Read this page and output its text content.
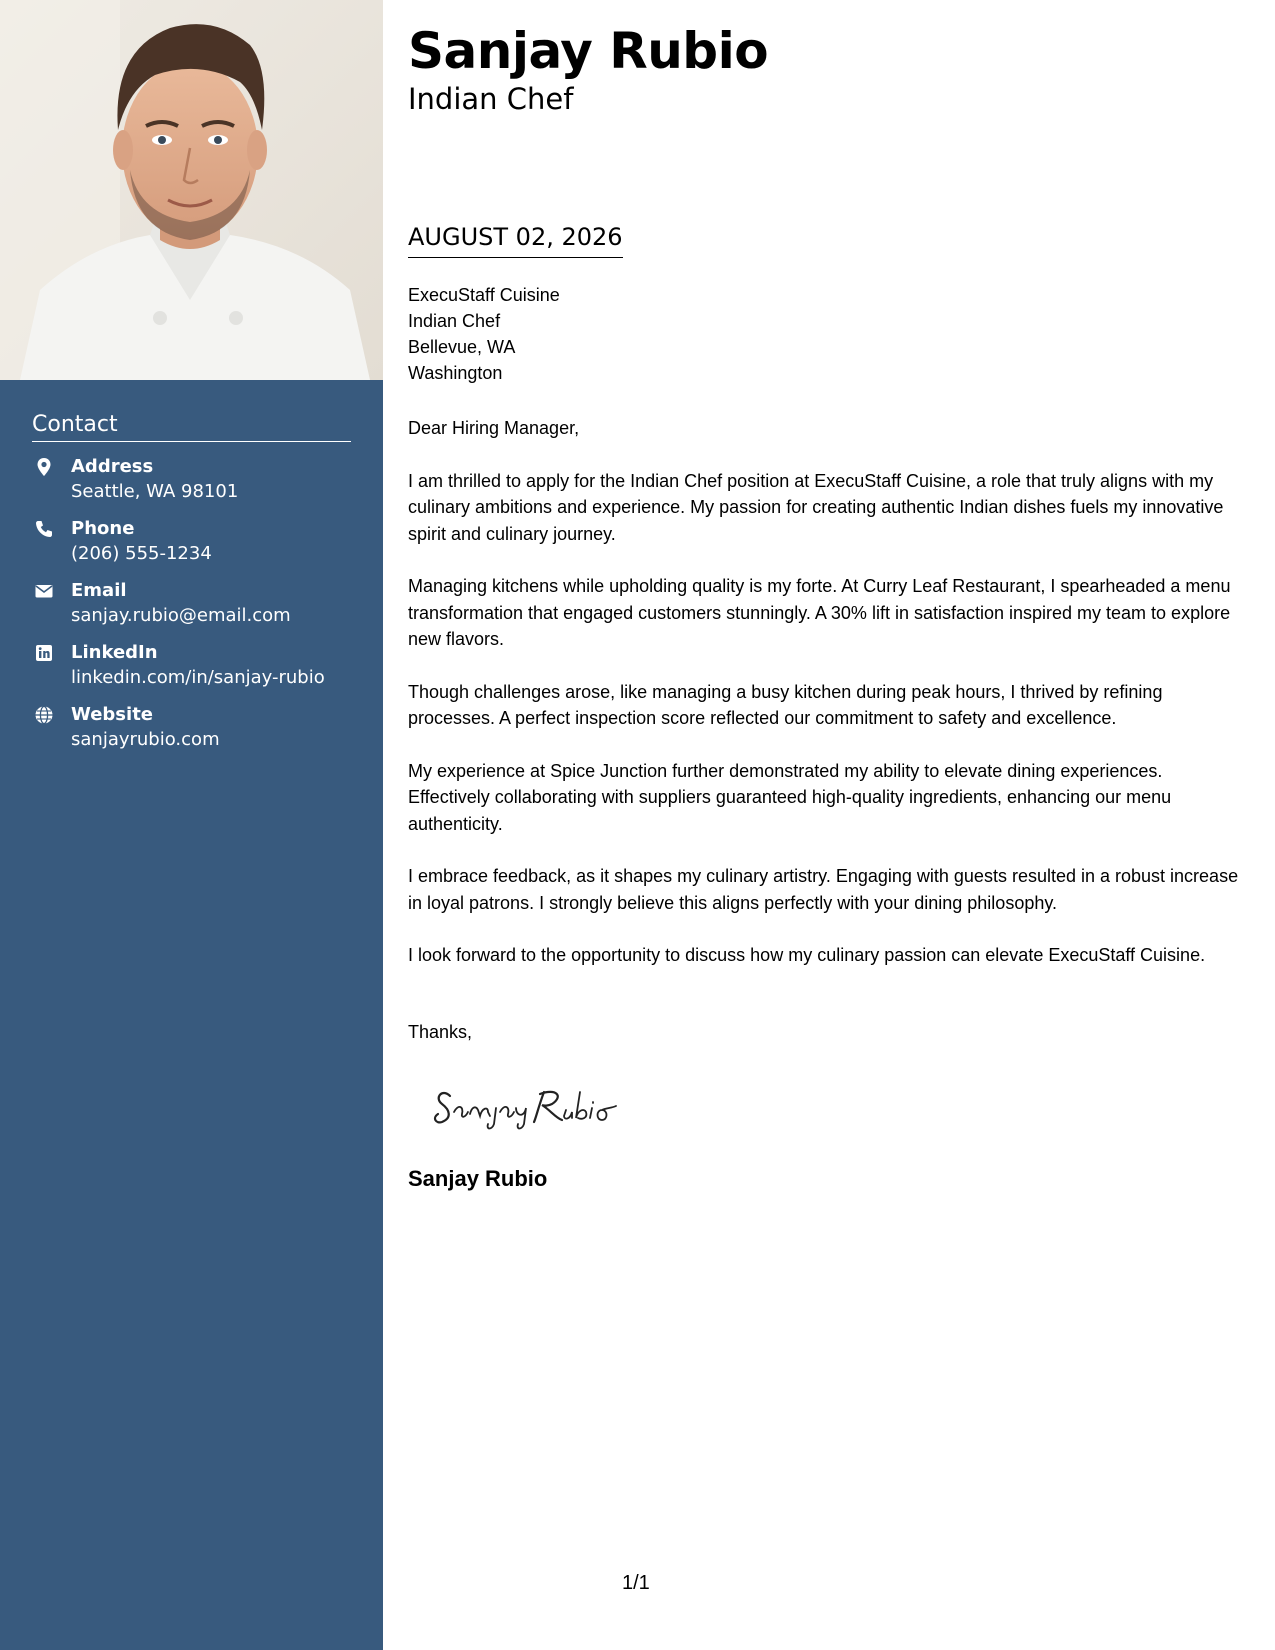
Contact
Address
Seattle, WA 98101
Phone
(206) 555-1234
Email
sanjay.rubio@email.com
LinkedIn
linkedin.com/in/sanjay-rubio
Website
sanjayrubio.com
Sanjay Rubio
Indian Chef
AUGUST 02, 2026
ExecuStaff Cuisine
Indian Chef
Bellevue, WA
Washington

Dear Hiring Manager,

I am thrilled to apply for the Indian Chef position at ExecuStaff Cuisine, a role that truly aligns with my culinary ambitions and experience. My passion for creating authentic Indian dishes fuels my innovative spirit and culinary journey.

Managing kitchens while upholding quality is my forte. At Curry Leaf Restaurant, I spearheaded a menu transformation that engaged customers stunningly. A 30% lift in satisfaction inspired my team to explore new flavors.

Though challenges arose, like managing a busy kitchen during peak hours, I thrived by refining processes. A perfect inspection score reflected our commitment to safety and excellence.

My experience at Spice Junction further demonstrated my ability to elevate dining experiences. Effectively collaborating with suppliers guaranteed high-quality ingredients, enhancing our menu authenticity.

I embrace feedback, as it shapes my culinary artistry. Engaging with guests resulted in a robust increase in loyal patrons. I strongly believe this aligns perfectly with your dining philosophy.

I look forward to the opportunity to discuss how my culinary passion can elevate ExecuStaff Cuisine.

Thanks,
Sanjay Rubio
1/1
